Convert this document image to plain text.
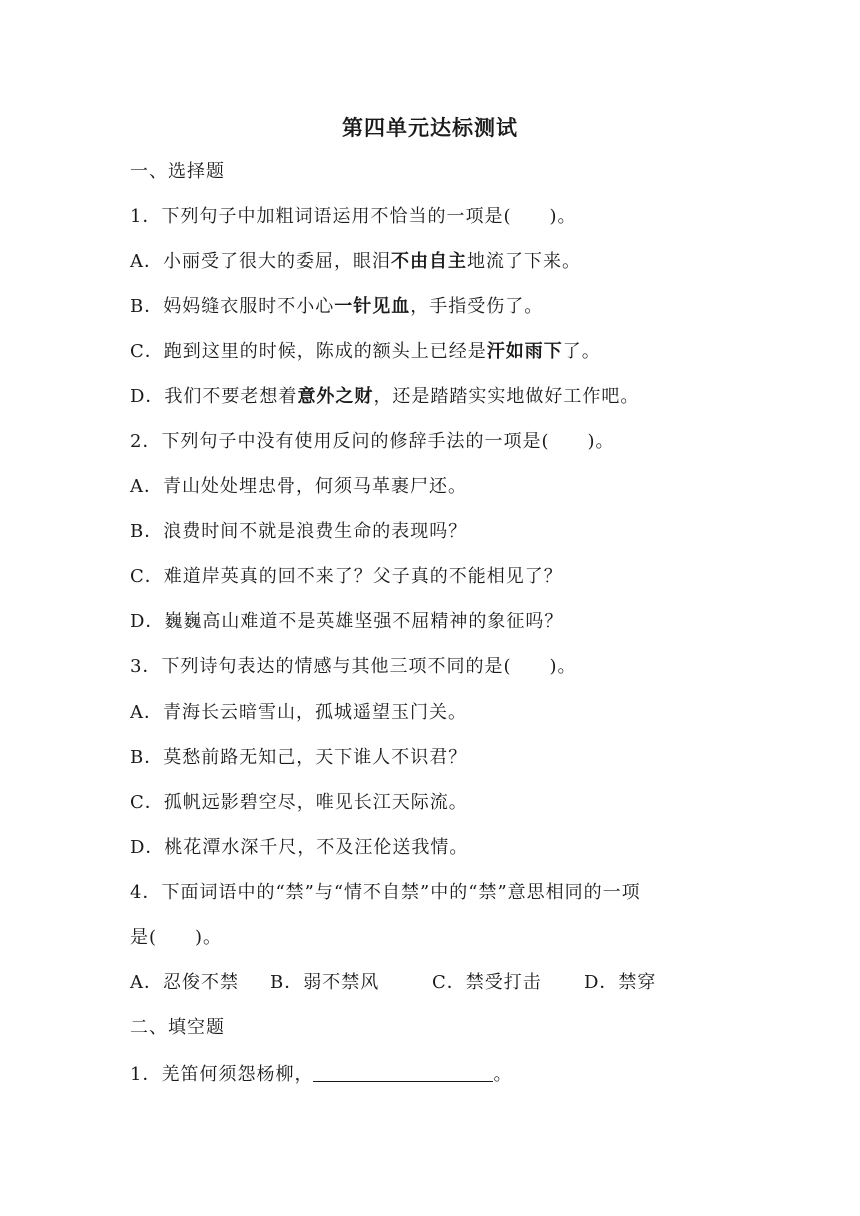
第四单元达标测试
一、选择题
1．下列句子中加粗词语运用不恰当的一项是(　　)。
A．小丽受了很大的委屈，眼泪不由自主地流了下来。
B．妈妈缝衣服时不小心一针见血，手指受伤了。
C．跑到这里的时候，陈成的额头上已经是汗如雨下了。
D．我们不要老想着意外之财，还是踏踏实实地做好工作吧。
2．下列句子中没有使用反问的修辞手法的一项是(　　)。
A．青山处处埋忠骨，何须马革裹尸还。
B．浪费时间不就是浪费生命的表现吗？
C．难道岸英真的回不来了？父子真的不能相见了？
D．巍巍高山难道不是英雄坚强不屈精神的象征吗？
3．下列诗句表达的情感与其他三项不同的是(　　)。
A．青海长云暗雪山，孤城遥望玉门关。
B．莫愁前路无知己，天下谁人不识君？
C．孤帆远影碧空尽，唯见长江天际流。
D．桃花潭水深千尺，不及汪伦送我情。
4．下面词语中的“禁”与“情不自禁”中的“禁”意思相同的一项
是(　　)。
A．忍俊不禁 B．弱不禁风	C．禁受打击 D．禁穿
二、填空题
1．羌笛何须怨杨柳，	。
